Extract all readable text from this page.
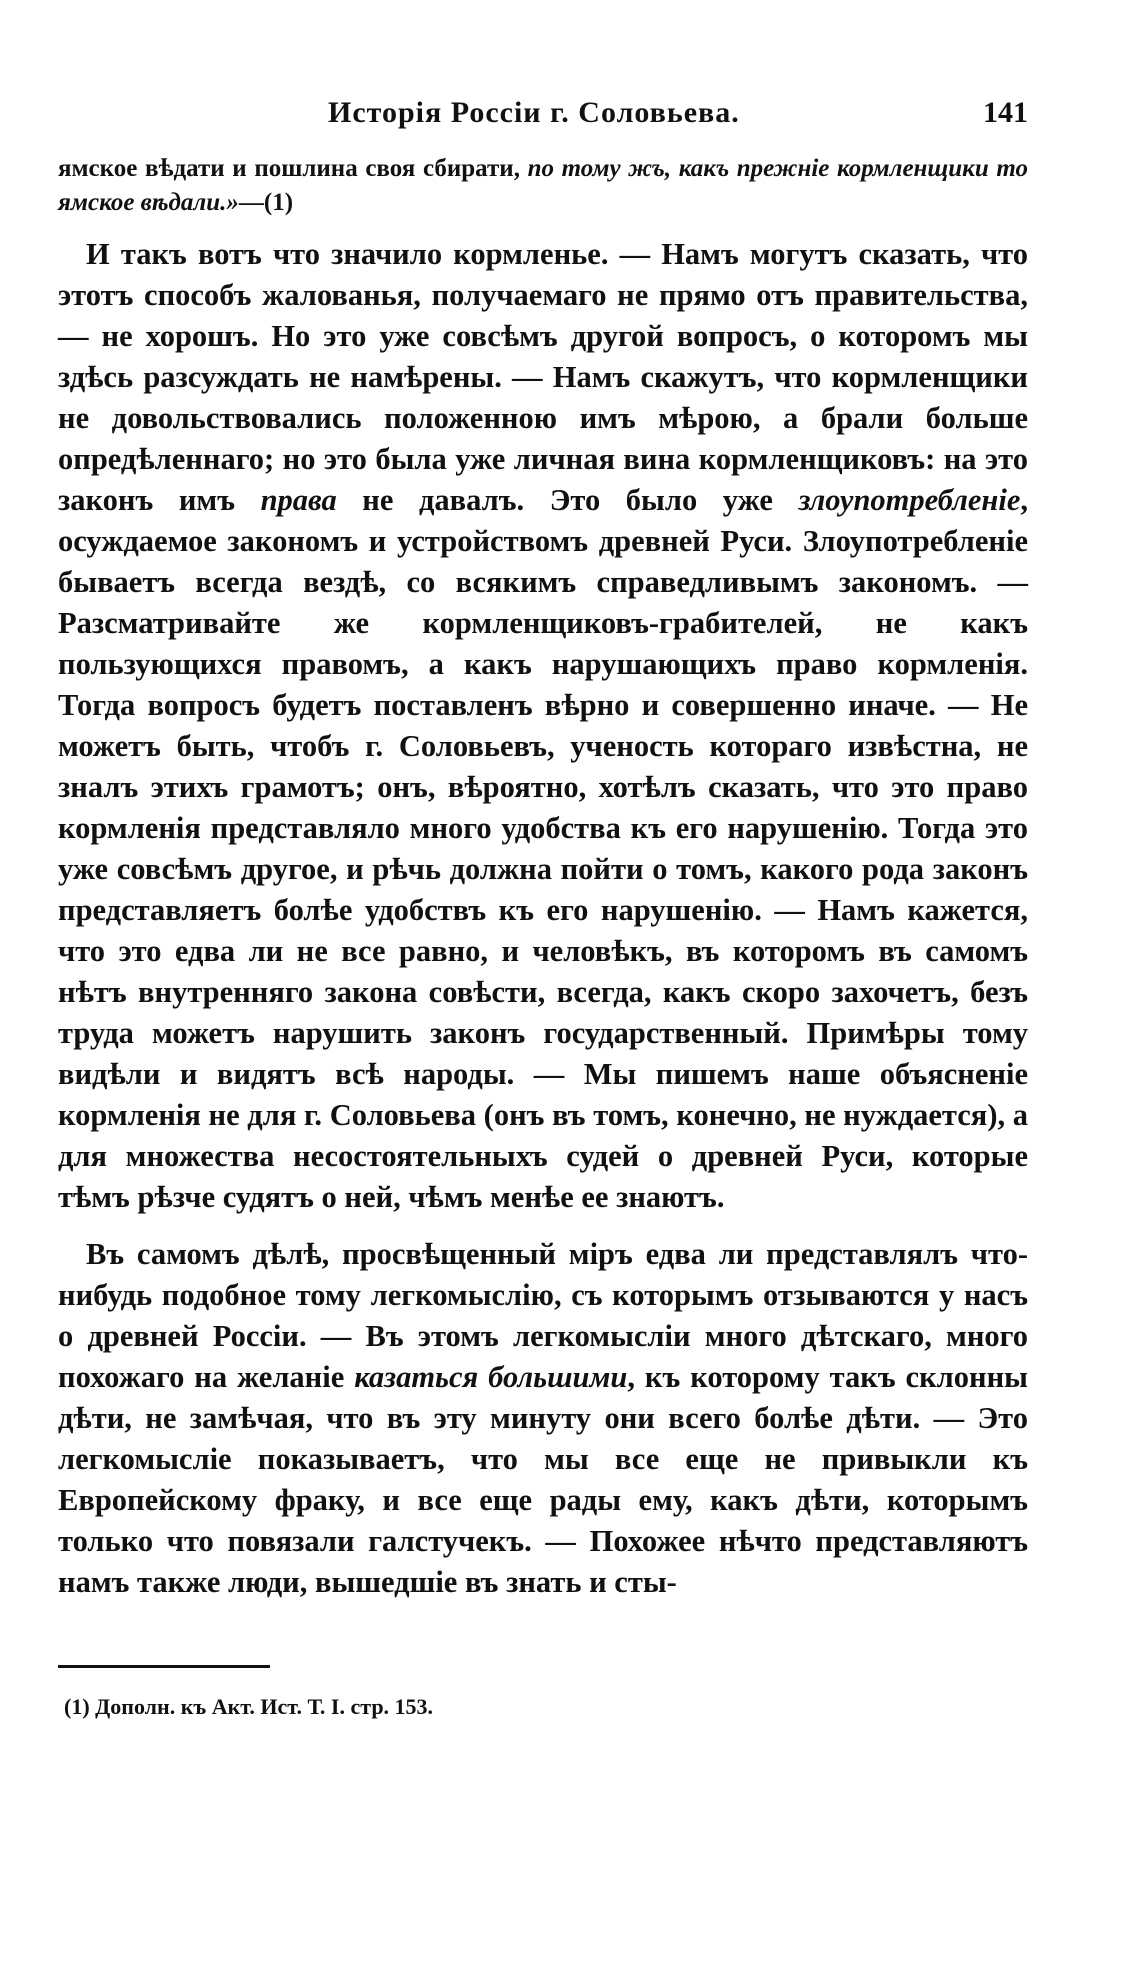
Исторiя Россiи г. Соловьева.	141

ямское вѣдати и пошлина своя сбирати, по тому жъ, какъ прежнiе кормленщики то ямское вѣдали.»—(1)

И такъ вотъ что значило кормленье. — Намъ могутъ сказать, что этотъ способъ жалованья, получаемаго не прямо отъ правительства, — не хорошъ. Но это уже совсѣмъ другой вопросъ, о которомъ мы здѣсь разсуждать не намѣрены. — Намъ скажутъ, что кормленщики не довольствовались положенною имъ мѣрою, а брали больше опредѣленнаго; но это была уже личная вина кормленщиковъ: на это законъ имъ права не давалъ. Это было уже злоупотребленiе, осуждаемое закономъ и устройствомъ древней Руси. Злоупотребленiе бываетъ всегда вездѣ, со всякимъ справедливымъ закономъ. — Разсматривайте же кормленщиковъ-грабителей, не какъ пользующихся правомъ, а какъ нарушающихъ право кормленiя. Тогда вопросъ будетъ поставленъ вѣрно и совершенно иначе. — Не можетъ быть, чтобъ г. Соловьевъ, ученость котораго извѣстна, не зналъ этихъ грамотъ; онъ, вѣроятно, хотѣлъ сказать, что это право кормленiя представляло много удобства къ его нарушенiю. Тогда это уже совсѣмъ другое, и рѣчь должна пойти о томъ, какого рода законъ представляетъ болѣе удобствъ къ его нарушенiю. — Намъ кажется, что это едва ли не все равно, и человѣкъ, въ которомъ въ самомъ нѣтъ внутренняго закона совѣсти, всегда, какъ скоро захочетъ, безъ труда можетъ нарушить законъ государственный. Примѣры тому видѣли и видятъ всѣ народы. — Мы пишемъ наше объясненiе кормленiя не для г. Соловьева (онъ въ томъ, конечно, не нуждается), а для множества несостоятельныхъ судей о древней Руси, которые тѣмъ рѣзче судятъ о ней, чѣмъ менѣе ее знаютъ.

Въ самомъ дѣлѣ, просвѣщенный мiръ едва ли представлялъ что-нибудь подобное тому легкомыслiю, съ которымъ отзываются у насъ о древней Россiи. — Въ этомъ легкомыслiи много дѣтскаго, много похожаго на желанiе казаться большими, къ которому такъ склонны дѣти, не замѣчая, что въ эту минуту они всего болѣе дѣти. — Это легкомыслiе показываетъ, что мы все еще не привыкли къ Европейскому фраку, и все еще рады ему, какъ дѣти, которымъ только что повязали галстучекъ. — Похожее нѣчто представляютъ намъ также люди, вышедшiе въ знать и сты-

(1) Дополн. къ Акт. Ист. Т. I. стр. 153.
